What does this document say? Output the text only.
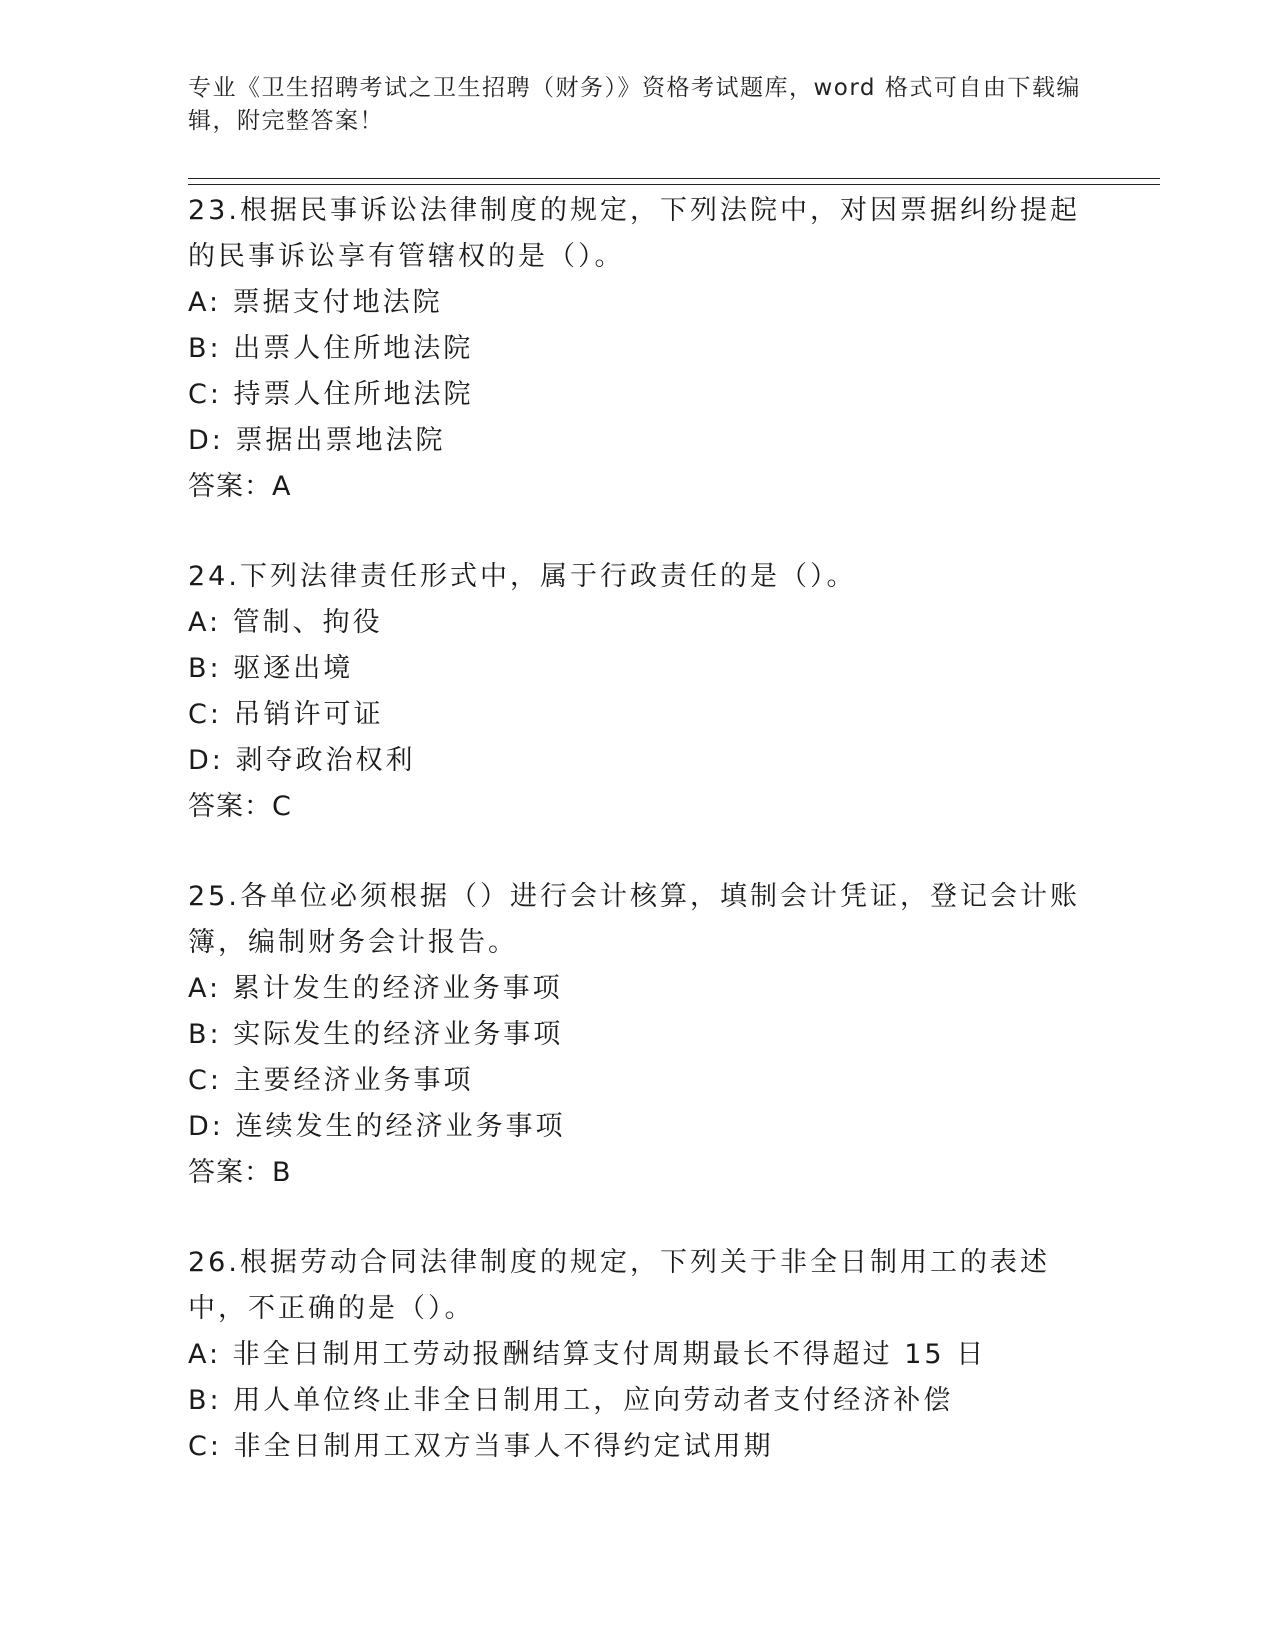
专业《卫生招聘考试之卫生招聘（财务）》资格考试题库，word 格式可自由下载编辑，附完整答案！
23.根据民事诉讼法律制度的规定，下列法院中，对因票据纠纷提起的民事诉讼享有管辖权的是（）。
A: 票据支付地法院
B: 出票人住所地法院
C: 持票人住所地法院
D: 票据出票地法院
答案：A
24.下列法律责任形式中，属于行政责任的是（）。
A: 管制、拘役
B: 驱逐出境
C: 吊销许可证
D: 剥夺政治权利
答案：C
25.各单位必须根据（）进行会计核算，填制会计凭证，登记会计账簿，编制财务会计报告。
A: 累计发生的经济业务事项
B: 实际发生的经济业务事项
C: 主要经济业务事项
D: 连续发生的经济业务事项
答案：B
26.根据劳动合同法律制度的规定，下列关于非全日制用工的表述中，不正确的是（）。
A: 非全日制用工劳动报酬结算支付周期最长不得超过 15 日
B: 用人单位终止非全日制用工，应向劳动者支付经济补偿
C: 非全日制用工双方当事人不得约定试用期
